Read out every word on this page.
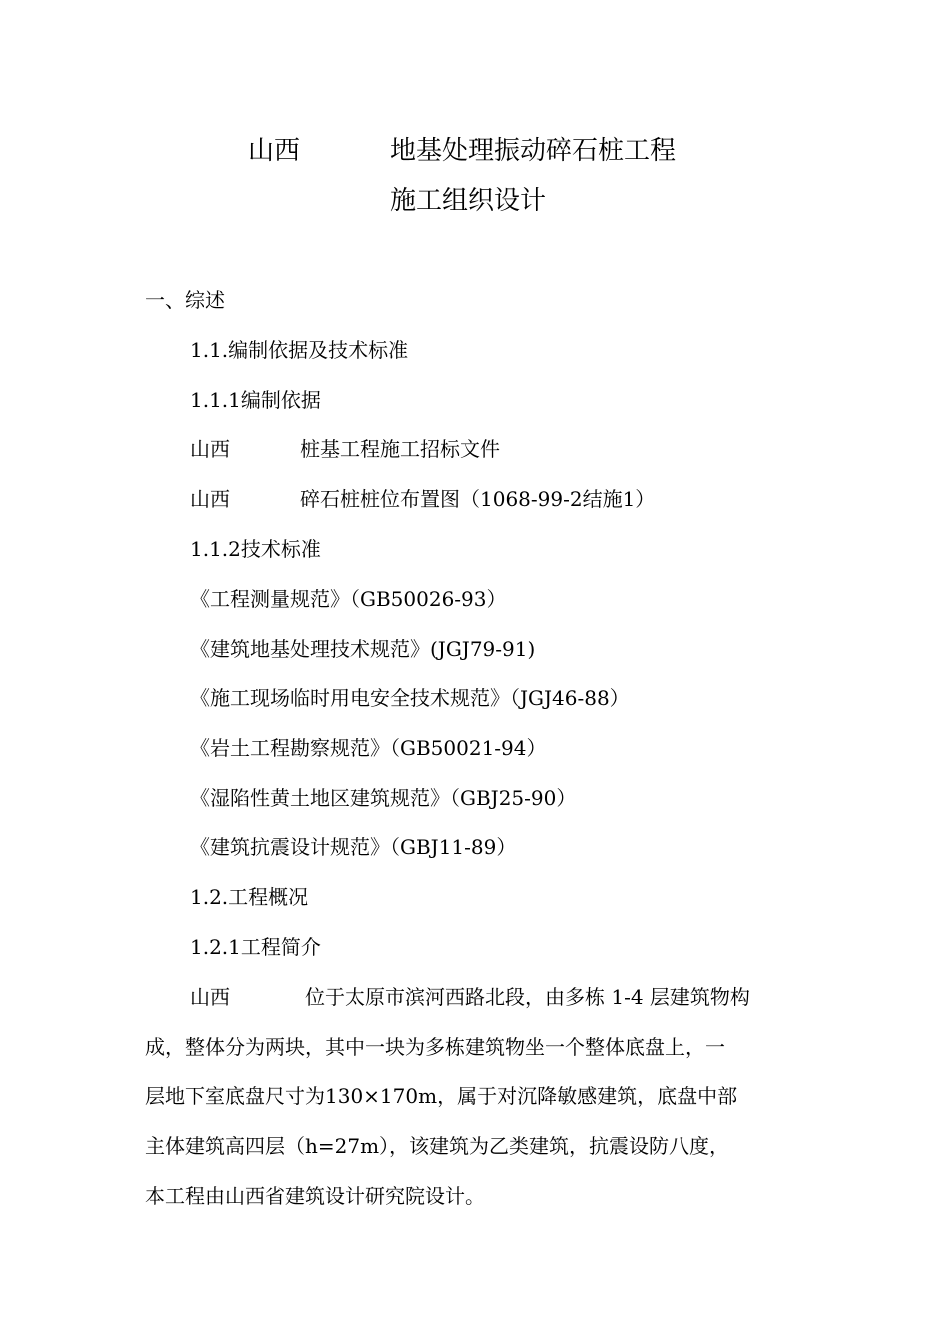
山西	地基处理振动碎石桩工程
施工组织设计
一、综述
1.1.编制依据及技术标准
1.1.1编制依据
山西	桩基工程施工招标文件
山西	碎石桩桩位布置图（1068-99-2结施1）
1.1.2技术标准
《工程测量规范》（GB50026-93）
《建筑地基处理技术规范》(JGJ79-91)
《施工现场临时用电安全技术规范》（JGJ46-88）
《岩土工程勘察规范》（GB50021-94）
《湿陷性黄土地区建筑规范》（GBJ25-90）
《建筑抗震设计规范》（GBJ11-89）
1.2.工程概况
1.2.1工程简介
山西	位于太原市滨河西路北段，由多栋 1-4 层建筑物构
成，整体分为两块，其中一块为多栋建筑物坐一个整体底盘上，一
层地下室底盘尺寸为130×170m，属于对沉降敏感建筑，底盘中部
主体建筑高四层（h=27m），该建筑为乙类建筑，抗震设防八度，
本工程由山西省建筑设计研究院设计。
